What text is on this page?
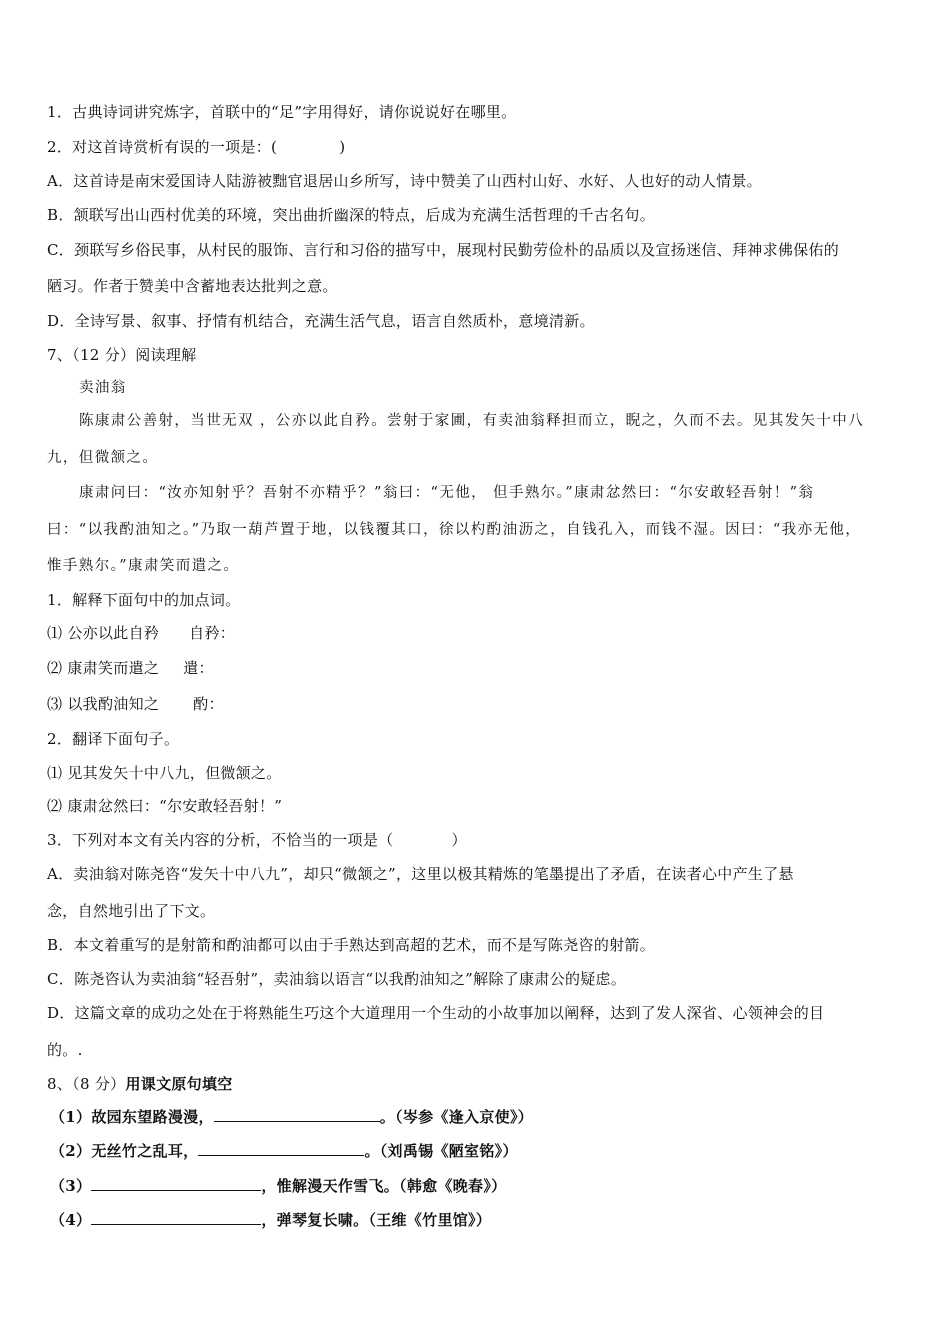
1．古典诗词讲究炼字，首联中的“足”字用得好，请你说说好在哪里。
2．对这首诗赏析有误的一项是：(	)
A．这首诗是南宋爱国诗人陆游被黜官退居山乡所写，诗中赞美了山西村山好、水好、人也好的动人情景。
B．颔联写出山西村优美的环境，突出曲折幽深的特点，后成为充满生活哲理的千古名句。
C．颈联写乡俗民事，从村民的服饰、言行和习俗的描写中，展现村民勤劳俭朴的品质以及宣扬迷信、拜神求佛保佑的
陋习。作者于赞美中含蓄地表达批判之意。
D．全诗写景、叙事、抒情有机结合，充满生活气息，语言自然质朴，意境清新。
7、（12 分）阅读理解
卖油翁
陈康肃公善射，当世无双 ，公亦以此自矜。尝射于家圃，有卖油翁释担而立，睨之，久而不去。见其发矢十中八
九，但微颔之。
康肃问曰：“汝亦知射乎？吾射不亦精乎？”翁曰：“无他， 但手熟尔。”康肃忿然曰：“尔安敢轻吾射！”翁
曰：“以我酌油知之。”乃取一葫芦置于地，以钱覆其口，徐以杓酌油沥之，自钱孔入，而钱不湿。因曰：“我亦无他，
惟手熟尔。”康肃笑而遣之。
1．解释下面句中的加点词。
⑴ 公亦以此自矜 自矜：
⑵ 康肃笑而遣之 遣：
⑶ 以我酌油知之 酌：
2．翻译下面句子。
⑴ 见其发矢十中八九，但微颔之。
⑵ 康肃忿然曰：“尔安敢轻吾射！”
3．下列对本文有关内容的分析，不恰当的一项是（	）
A．卖油翁对陈尧咨“发矢十中八九”，却只“微颔之”，这里以极其精炼的笔墨提出了矛盾，在读者心中产生了悬
念，自然地引出了下文。
B．本文着重写的是射箭和酌油都可以由于手熟达到高超的艺术，而不是写陈尧咨的射箭。
C．陈尧咨认为卖油翁“轻吾射”，卖油翁以语言“以我酌油知之”解除了康肃公的疑虑。
D．这篇文章的成功之处在于将熟能生巧这个大道理用一个生动的小故事加以阐释，达到了发人深省、心领神会的目
的。.
8、（8 分）用课文原句填空
（1）故园东望路漫漫，	。（岑参《逢入京使》）
（2）无丝竹之乱耳，	。（刘禹锡《陋室铭》）
（3）	，惟解漫天作雪飞。（韩愈《晚春》）
（4）	，弹琴复长啸。（王维《竹里馆》）
